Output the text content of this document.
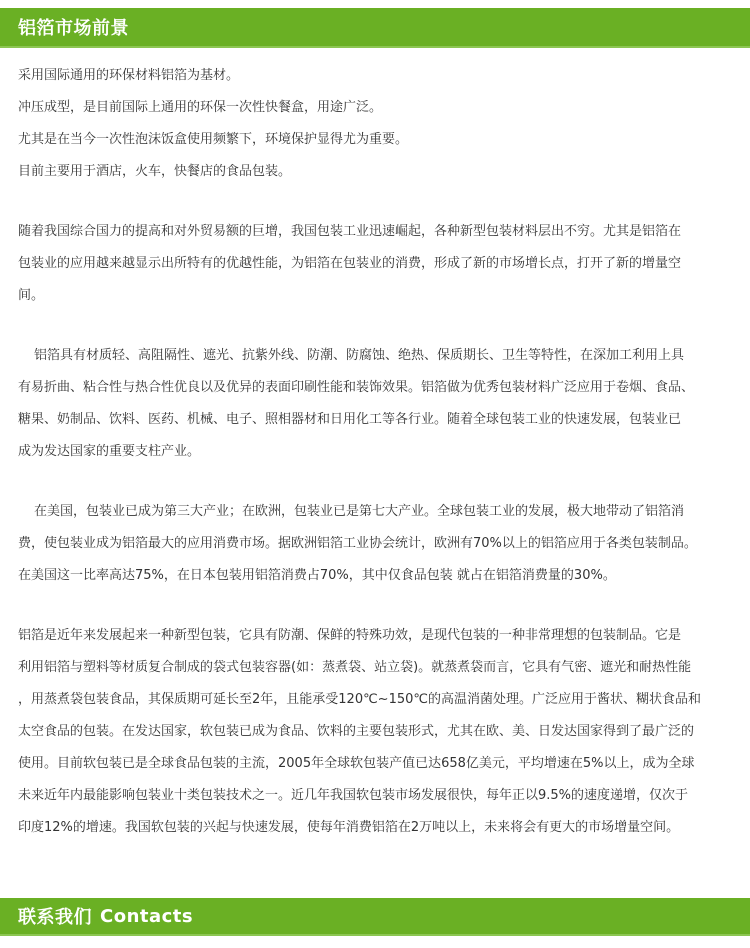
铝箔市场前景

采用国际通用的环保材料铝箔为基材。

冲压成型，是目前国际上通用的环保一次性快餐盒，用途广泛。

尤其是在当今一次性泡沫饭盒使用频繁下，环境保护显得尤为重要。

目前主要用于酒店，火车，快餐店的食品包装。

随着我国综合国力的提高和对外贸易额的巨增，我国包装工业迅速崛起，各种新型包装材料层出不穷。尤其是铝箔在

包装业的应用越来越显示出所特有的优越性能，为铝箔在包装业的消费，形成了新的市场增长点，打开了新的增量空

间。

铝箔具有材质轻、高阻隔性、遮光、抗紫外线、防潮、防腐蚀、绝热、保质期长、卫生等特性，在深加工利用上具

有易折曲、粘合性与热合性优良以及优异的表面印刷性能和装饰效果。铝箔做为优秀包装材料广泛应用于卷烟、食品、

糖果、奶制品、饮料、医药、机械、电子、照相器材和日用化工等各行业。随着全球包装工业的快速发展，包装业已

成为发达国家的重要支柱产业。

在美国，包装业已成为第三大产业；在欧洲，包装业已是第七大产业。全球包装工业的发展，极大地带动了铝箔消

费，使包装业成为铝箔最大的应用消费市场。据欧洲铝箔工业协会统计，欧洲有70%以上的铝箔应用于各类包装制品。

在美国这一比率高达75%，在日本包装用铝箔消费占70%，其中仅食品包装 就占在铝箔消费量的30%。

铝箔是近年来发展起来一种新型包装，它具有防潮、保鲜的特殊功效，是现代包装的一种非常理想的包装制品。它是

利用铝箔与塑料等材质复合制成的袋式包装容器(如：蒸煮袋、站立袋)。就蒸煮袋而言，它具有气密、遮光和耐热性能

，用蒸煮袋包装食品，其保质期可延长至2年，且能承受120℃~150℃的高温消菌处理。广泛应用于酱状、糊状食品和

太空食品的包装。在发达国家，软包装已成为食品、饮料的主要包装形式，尤其在欧、美、日发达国家得到了最广泛的

使用。目前软包装已是全球食品包装的主流，2005年全球软包装产值已达658亿美元，平均增速在5%以上，成为全球

未来近年内最能影响包装业十类包装技术之一。近几年我国软包装市场发展很快，每年正以9.5%的速度递增，仅次于

印度12%的增速。我国软包装的兴起与快速发展，使每年消费铝箔在2万吨以上，未来将会有更大的市场增量空间。

联系我们 Contacts
